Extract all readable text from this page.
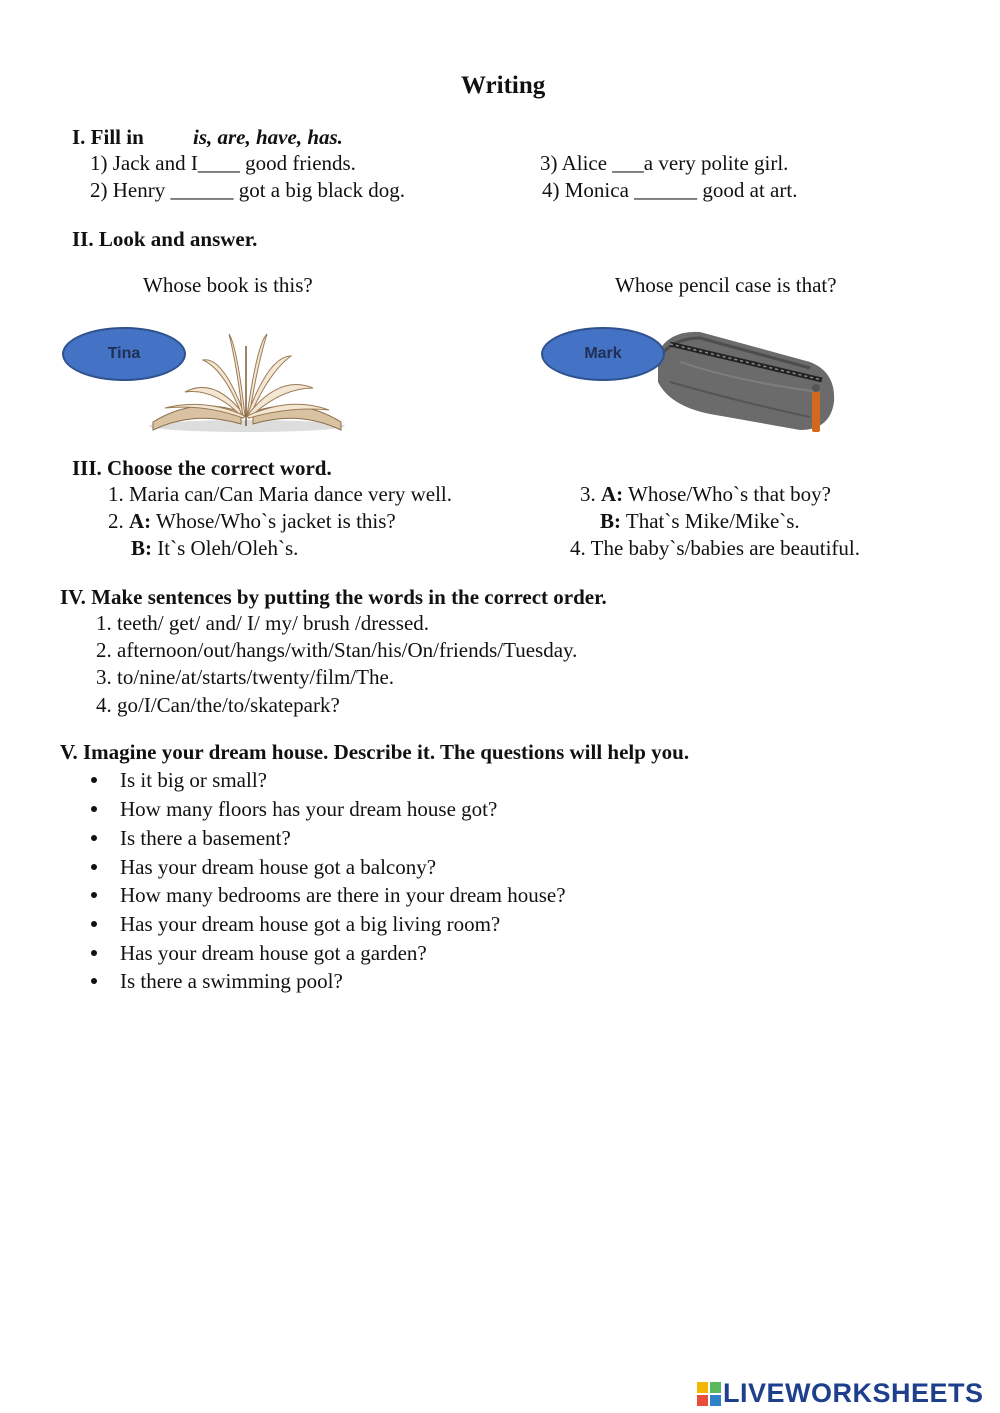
Writing
I. Fill in is, are, have, has.
1) Jack and I____ good friends.
2) Henry ______ got a big black dog.
3) Alice ___a very polite girl.
4) Monica ______ good at art.
II. Look and answer.
Whose book is this?	Whose pencil case is that?
Tina	Mark
III. Choose the correct word.
1. Maria can/Can Maria dance very well.
2. A: Whose/Who`s jacket is this?
B: It`s Oleh/Oleh`s.
3. A: Whose/Who`s that boy?
B: That`s Mike/Mike`s.
4. The baby`s/babies are beautiful.
IV. Make sentences by putting the words in the correct order.
1. teeth/ get/ and/ I/ my/ brush /dressed.
2. afternoon/out/hangs/with/Stan/his/On/friends/Tuesday.
3. to/nine/at/starts/twenty/film/The.
4. go/I/Can/the/to/skatepark?
V. Imagine your dream house. Describe it. The questions will help you.
Is it big or small?
How many floors has your dream house got?
Is there a basement?
Has your dream house got a balcony?
How many bedrooms are there in your dream house?
Has your dream house got a big living room?
Has your dream house got a garden?
Is there a swimming pool?
LIVEWORKSHEETS
